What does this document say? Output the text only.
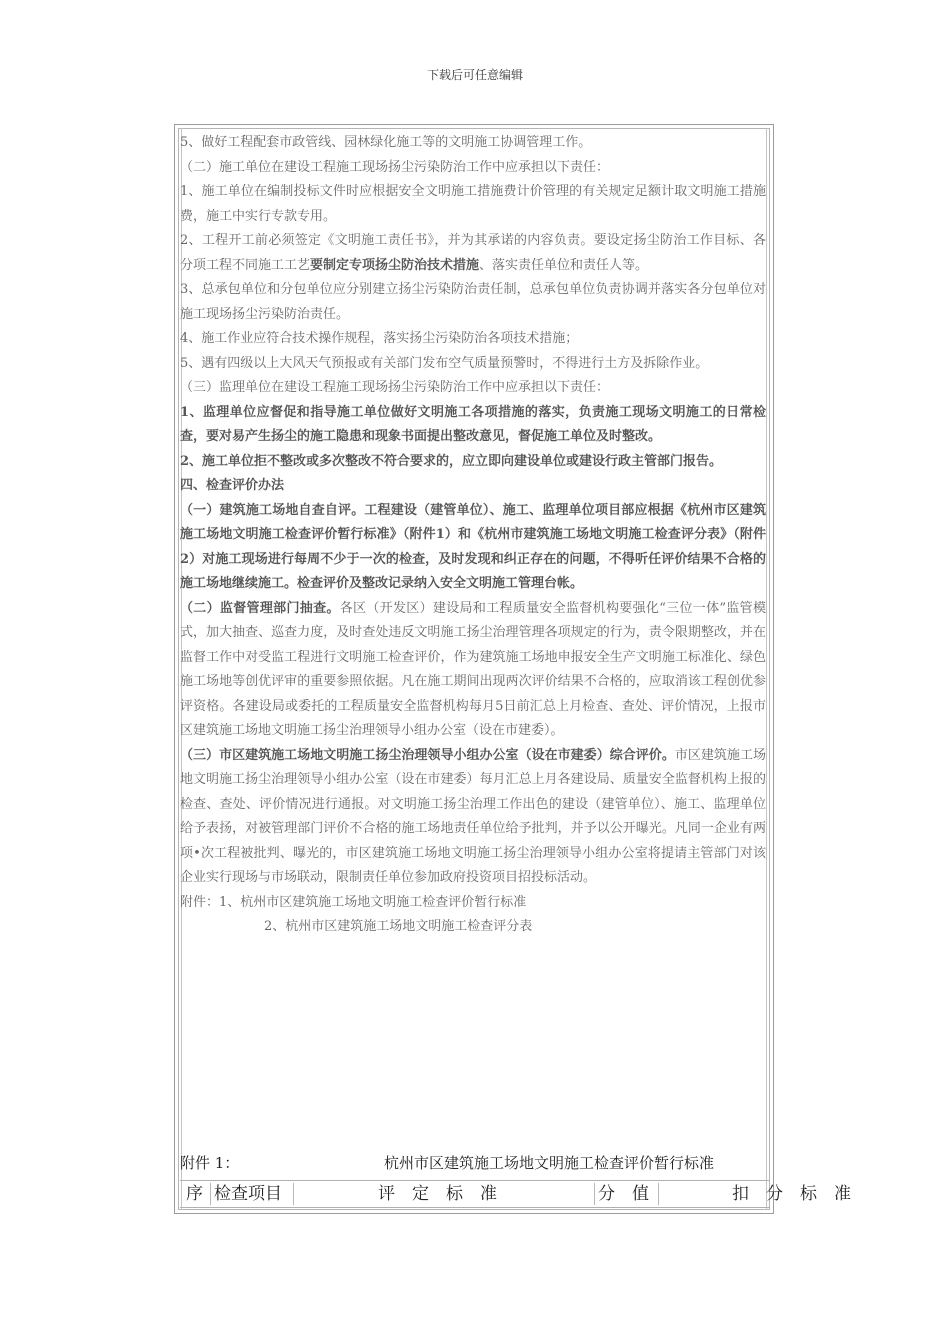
下载后可任意编辑

5、做好工程配套市政管线、园林绿化施工等的文明施工协调管理工作。

（二）施工单位在建设工程施工现场扬尘污染防治工作中应承担以下责任：

1、施工单位在编制投标文件时应根据安全文明施工措施费计价管理的有关规定足额计取文明施工措施费，施工中实行专款专用。

2、工程开工前必须签定《文明施工责任书》，并为其承诺的内容负责。要设定扬尘防治工作目标、各分项工程不同施工工艺要制定专项扬尘防治技术措施、落实责任单位和责任人等。

3、总承包单位和分包单位应分别建立扬尘污染防治责任制，总承包单位负责协调并落实各分包单位对施工现场扬尘污染防治责任。

4、施工作业应符合技术操作规程，落实扬尘污染防治各项技术措施；

5、遇有四级以上大风天气预报或有关部门发布空气质量预警时，不得进行土方及拆除作业。

（三）监理单位在建设工程施工现场扬尘污染防治工作中应承担以下责任：

1、监理单位应督促和指导施工单位做好文明施工各项措施的落实，负责施工现场文明施工的日常检查，要对易产生扬尘的施工隐患和现象书面提出整改意见，督促施工单位及时整改。

2、施工单位拒不整改或多次整改不符合要求的，应立即向建设单位或建设行政主管部门报告。

四、检查评价办法

（一）建筑施工场地自查自评。工程建设（建管单位）、施工、监理单位项目部应根据《杭州市区建筑施工场地文明施工检查评价暂行标准》（附件1）和《杭州市建筑施工场地文明施工检查评分表》（附件2）对施工现场进行每周不少于一次的检查，及时发现和纠正存在的问题，不得听任评价结果不合格的施工场地继续施工。检查评价及整改记录纳入安全文明施工管理台帐。

（二）监督管理部门抽查。各区（开发区）建设局和工程质量安全监督机构要强化“三位一体”监管模式，加大抽查、巡查力度，及时查处违反文明施工扬尘治理管理各项规定的行为，责令限期整改，并在监督工作中对受监工程进行文明施工检查评价，作为建筑施工场地申报安全生产文明施工标准化、绿色施工场地等创优评审的重要参照依据。凡在施工期间出现两次评价结果不合格的，应取消该工程创优参评资格。各建设局或委托的工程质量安全监督机构每月5日前汇总上月检查、查处、评价情况，上报市区建筑施工场地文明施工扬尘治理领导小组办公室（设在市建委）。

（三）市区建筑施工场地文明施工扬尘治理领导小组办公室（设在市建委）综合评价。市区建筑施工场地文明施工扬尘治理领导小组办公室（设在市建委）每月汇总上月各建设局、质量安全监督机构上报的检查、查处、评价情况进行通报。对文明施工扬尘治理工作出色的建设（建管单位）、施工、监理单位给予表扬，对被管理部门评价不合格的施工场地责任单位给予批判，并予以公开曝光。凡同一企业有两项•次工程被批判、曝光的，市区建筑施工场地文明施工扬尘治理领导小组办公室将提请主管部门对该企业实行现场与市场联动，限制责任单位参加政府投资项目招投标活动。

附件：1、杭州市区建筑施工场地文明施工检查评价暂行标准

2、杭州市区建筑施工场地文明施工检查评分表

附件 1：	杭州市区建筑施工场地文明施工检查评价暂行标准
序 检查项目	评　定　标　准	分　值	扣　分　标　准
